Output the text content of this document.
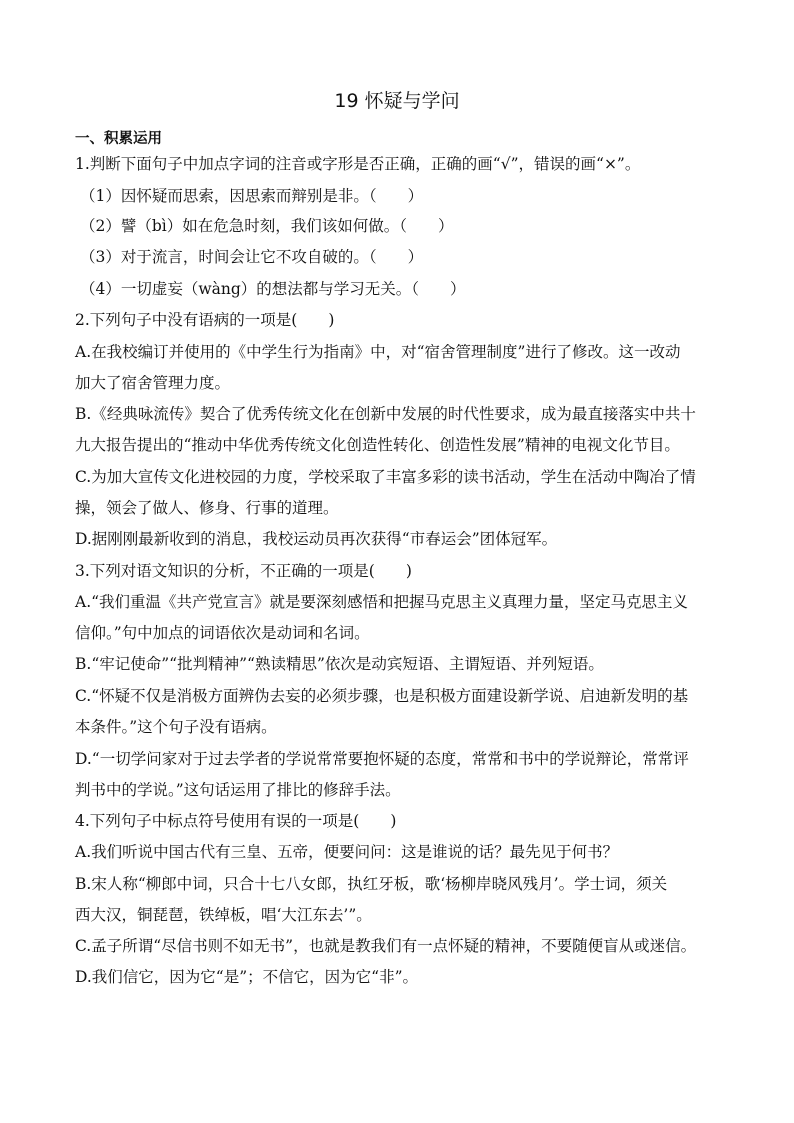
19 怀疑与学问
一、积累运用
1.判断下面句子中加点字词的注音或字形是否正确，正确的画“√”，错误的画“×”。
（1）因怀疑而思索，因思索而辩别是非。（　　）
（2）譬（bì）如在危急时刻，我们该如何做。（　　）
（3）对于流言，时间会让它不攻自破的。（　　）
（4）一切虚妄（wàng）的想法都与学习无关。（　　）
2.下列句子中没有语病的一项是(　　)
A.在我校编订并使用的《中学生行为指南》中，对“宿舍管理制度”进行了修改。这一改动
加大了宿舍管理力度。
B.《经典咏流传》契合了优秀传统文化在创新中发展的时代性要求，成为最直接落实中共十
九大报告提出的“推动中华优秀传统文化创造性转化、创造性发展”精神的电视文化节目。
C.为加大宣传文化进校园的力度，学校采取了丰富多彩的读书活动，学生在活动中陶冶了情
操，领会了做人、修身、行事的道理。
D.据刚刚最新收到的消息，我校运动员再次获得“市春运会”团体冠军。
3.下列对语文知识的分析，不正确的一项是(　　)
A.“我们重温《共产党宣言》就是要深刻感悟和把握马克思主义真理力量，坚定马克思主义
信仰。”句中加点的词语依次是动词和名词。
B.“牢记使命”“批判精神”“熟读精思”依次是动宾短语、主谓短语、并列短语。
C.“怀疑不仅是消极方面辨伪去妄的必须步骤，也是积极方面建设新学说、启迪新发明的基
本条件。”这个句子没有语病。
D.“一切学问家对于过去学者的学说常常要抱怀疑的态度，常常和书中的学说辩论，常常评
判书中的学说。”这句话运用了排比的修辞手法。
4.下列句子中标点符号使用有误的一项是(　　)
A.我们听说中国古代有三皇、五帝，便要问问：这是谁说的话？最先见于何书？
B.宋人称“柳郎中词，只合十七八女郎，执红牙板，歌‘杨柳岸晓风残月’。学士词，须关
西大汉，铜琵琶，铁绰板，唱‘大江东去’”。
C.孟子所谓“尽信书则不如无书”，也就是教我们有一点怀疑的精神，不要随便盲从或迷信。
D.我们信它，因为它“是”；不信它，因为它“非”。
